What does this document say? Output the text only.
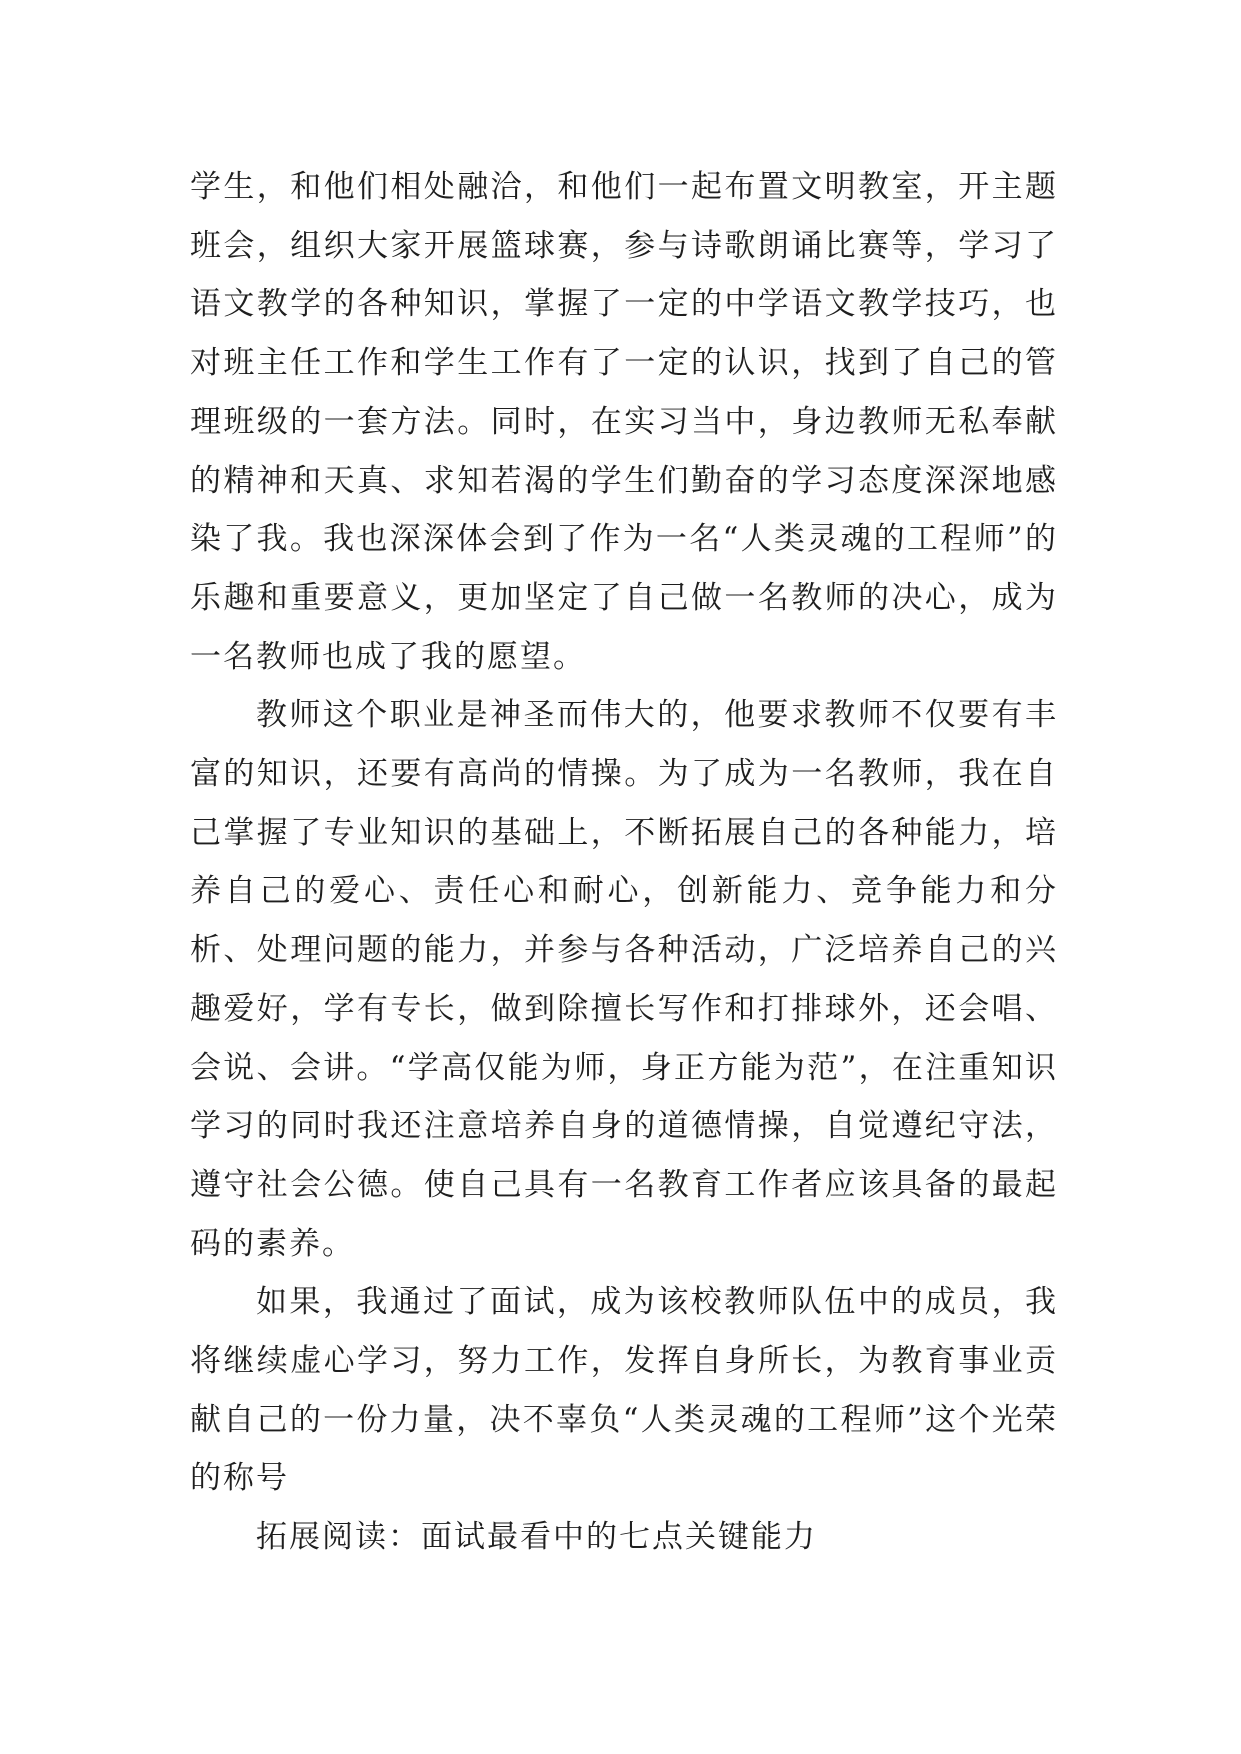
学生，和他们相处融洽，和他们一起布置文明教室，开主题班会，组织大家开展篮球赛，参与诗歌朗诵比赛等，学习了语文教学的各种知识，掌握了一定的中学语文教学技巧，也对班主任工作和学生工作有了一定的认识，找到了自己的管理班级的一套方法。同时，在实习当中，身边教师无私奉献的精神和天真、求知若渴的学生们勤奋的学习态度深深地感染了我。我也深深体会到了作为一名“人类灵魂的工程师”的乐趣和重要意义，更加坚定了自己做一名教师的决心，成为一名教师也成了我的愿望。

教师这个职业是神圣而伟大的，他要求教师不仅要有丰富的知识，还要有高尚的情操。为了成为一名教师，我在自己掌握了专业知识的基础上，不断拓展自己的各种能力，培养自己的爱心、责任心和耐心，创新能力、竞争能力和分析、处理问题的能力，并参与各种活动，广泛培养自己的兴趣爱好，学有专长，做到除擅长写作和打排球外，还会唱、会说、会讲。“学高仅能为师，身正方能为范”，在注重知识学习的同时我还注意培养自身的道德情操，自觉遵纪守法，遵守社会公德。使自己具有一名教育工作者应该具备的最起码的素养。

如果，我通过了面试，成为该校教师队伍中的成员，我将继续虚心学习，努力工作，发挥自身所长，为教育事业贡献自己的一份力量，决不辜负“人类灵魂的工程师”这个光荣的称号

拓展阅读：面试最看中的七点关键能力
